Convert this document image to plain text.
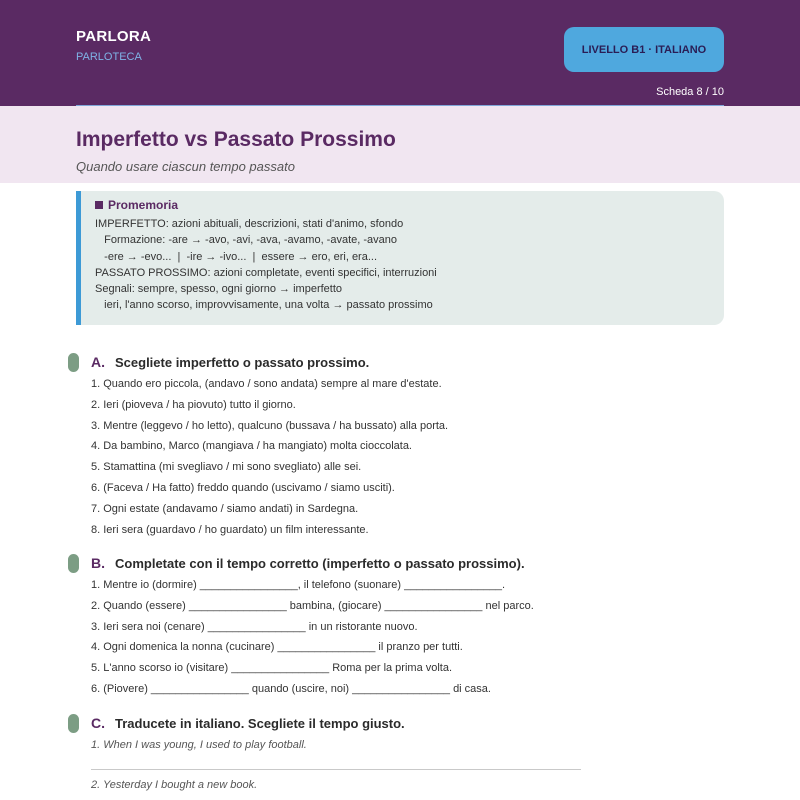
PARLORA
PARLOTECA
LIVELLO B1 · ITALIANO
Scheda 8 / 10
Imperfetto vs Passato Prossimo
Quando usare ciascun tempo passato
Promemoria
IMPERFETTO: azioni abituali, descrizioni, stati d'animo, sfondo
Formazione: -are → -avo, -avi, -ava, -avamo, -avate, -avano
-ere → -evo...  |  -ire → -ivo...  |  essere → ero, eri, era...
PASSATO PROSSIMO: azioni completate, eventi specifici, interruzioni
Segnali: sempre, spesso, ogni giorno → imperfetto
ieri, l'anno scorso, improvvisamente, una volta → passato prossimo
A. Scegliete imperfetto o passato prossimo.
1. Quando ero piccola, (andavo / sono andata) sempre al mare d'estate.
2. Ieri (pioveva / ha piovuto) tutto il giorno.
3. Mentre (leggevo / ho letto), qualcuno (bussava / ha bussato) alla porta.
4. Da bambino, Marco (mangiava / ha mangiato) molta cioccolata.
5. Stamattina (mi svegliavo / mi sono svegliato) alle sei.
6. (Faceva / Ha fatto) freddo quando (uscivamo / siamo usciti).
7. Ogni estate (andavamo / siamo andati) in Sardegna.
8. Ieri sera (guardavo / ho guardato) un film interessante.
B. Completate con il tempo corretto (imperfetto o passato prossimo).
1. Mentre io (dormire) ________________, il telefono (suonare) ________________.
2. Quando (essere) ________________ bambina, (giocare) ________________ nel parco.
3. Ieri sera noi (cenare) ________________ in un ristorante nuovo.
4. Ogni domenica la nonna (cucinare) ________________ il pranzo per tutti.
5. L'anno scorso io (visitare) ________________ Roma per la prima volta.
6. (Piovere) ________________ quando (uscire, noi) ________________ di casa.
C. Traducete in italiano. Scegliete il tempo giusto.
1. When I was young, I used to play football.
2. Yesterday I bought a new book.
